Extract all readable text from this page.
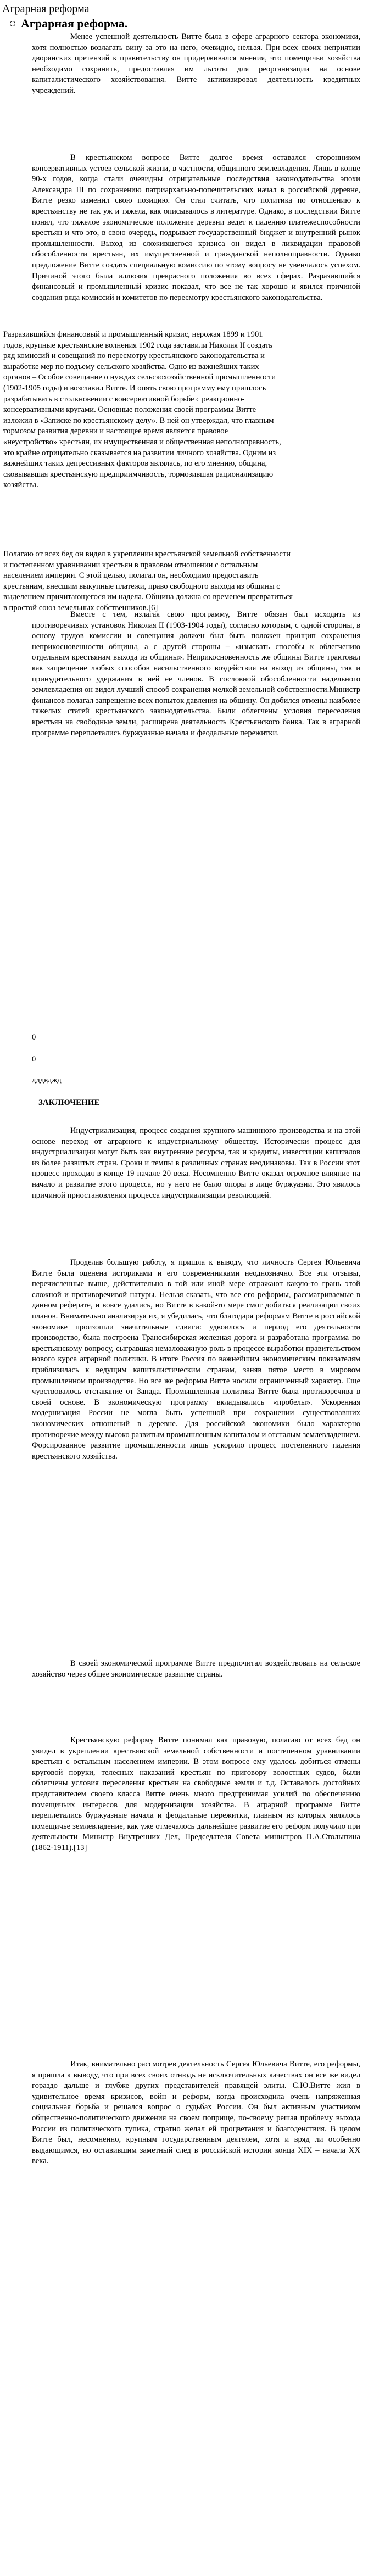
Аграрная реформа
Аграрная реформа.

Менее успешной деятельность Витте была в сфере аграрного сектора экономики, хотя полностью возлагать вину за это на него, очевидно, нельзя. При всех своих неприятии дворянских претензий к правительству он придерживался мнения, что помещичьи хозяйства необходимо сохранить, предоставляя им льготы для реорганизации на основе капиталистического хозяйствования. Витте активизировал деятельность кредитных учреждений.

В крестьянском вопросе Витте долгое время оставался сторонником консервативных устоев сельской жизни, в частности, общинного землевладения. Лишь в конце 90-х годов, когда стали очевидны отрицательные последствия законодательства эпохи Александра III по сохранению патриархально-попечительских начал в российской деревне, Витте резко изменил свою позицию. Он стал считать, что политика по отношению к крестьянству не так уж и тяжела, как описывалось в литературе. Однако, в последствии Витте понял, что тяжелое экономическое положение деревни ведет к падению платежеспособности крестьян и что это, в свою очередь, подрывает государственный бюджет и внутренний рынок промышленности. Выход из сложившегося кризиса он видел в ликвидации правовой обособленности крестьян, их имущественной и гражданской неполноправности. Однако предложение Витте создать специальную комиссию по этому вопросу не увенчалось успехом. Причиной этого была иллюзия прекрасного положения во всех сферах. Разразившийся финансовый и промышленный кризис показал, что все не так хорошо и явился причиной создания ряда комиссий и комитетов по пересмотру крестьянского законодательства.

Разразившийся финансовый и промышленный кризис, нерожая 1899 и 1901 годов, крупные крестьянские волнения 1902 года заставили Николая II создать ряд комиссий и совещаний по пересмотру крестьянского законодательства и выработке мер по подъему сельского хозяйства. Одно из важнейших таких органов – Особое совещание о нуждах сельскохозяйственной промышленности (1902-1905 годы) и возглавил Витте. И опять свою программу ему пришлось разрабатывать в столкновении с консервативной борьбе с реакционно-консервативными кругами. Основные положения своей программы Витте изложил в «Записке по крестьянскому делу». В ней он утверждал, что главным тормозом развития деревни и настоящее время является правовое «неустройство» крестьян, их имущественная и общественная неполноправность, это крайне отрицательно сказывается на развитии личного хозяйства. Одним из важнейших таких депрессивных факторов являлась, по его мнению, община, сковывавшая крестьянскую предприимчивость, тормозившая рационализацию хозяйства.

Полагаю от всех бед он видел в укреплении крестьянской земельной собственности и постепенном уравнивании крестьян в правовом отношении с остальным населением империи. С этой целью, полагал он, необходимо предоставить крестьянам, внесшим выкупные платежи, право свободного выхода из общины с выделением причитающегося им надела. Община должна со временем превратиться в простой союз земельных собственников.[6]

Вместе с тем, излагая свою программу, Витте обязан был исходить из противоречивых установок Николая II (1903-1904 годы), согласно которым, с одной стороны, в основу трудов комиссии и совещания должен был быть положен принцип сохранения неприкосновенности общины, а с другой стороны – «изыскать способы к облегчению отдельным крестьянам выхода из общины». Неприкосновенность же общины Витте трактовал как запрещение любых способов насильственного воздействия на выход из общины, так и принудительного удержания в ней ее членов. В сословной обособленности надельного землевладения он видел лучший способ сохранения мелкой земельной собственности.Министр финансов полагал запрещение всех попыток давления на общину. Он добился отмены наиболее тяжелых статей крестьянского законодательства. Были облегчены условия переселения крестьян на свободные земли, расширена деятельность Крестьянского банка. Так в аграрной программе переплетались буржуазные начала и феодальные пережитки.

0
0
дддвджд
ЗАКЛЮЧЕНИЕ

Индустриализация, процесс создания крупного машинного производства и на этой основе переход от аграрного к индустриальному обществу. Исторически процесс для индустриализации могут быть как внутренние ресурсы, так и кредиты, инвестиции капиталов из более развитых стран. Сроки и темпы в различных странах неодинаковы. Так в России этот процесс проходил в конце 19 начале 20 века. Несомненно Витте оказал огромное влияние на начало и развитие этого процесса, но у него не было опоры в лице буржуазии. Это явилось причиной приостановления процесса индустриализации революцией.

Проделав большую работу, я пришла к выводу, что личность Сергея Юльевича Витте была оценена историками и его современниками неоднозначно. Все эти отзывы, перечисленные выше, действительно в той или иной мере отражают какую-то грань этой сложной и противоречивой натуры. Нельзя сказать, что все его реформы, рассматриваемые в данном реферате, и вовсе удались, но Витте в какой-то мере смог добиться реализации своих планов. Внимательно анализируя их, я убедилась, что благодаря реформам Витте в российской экономике произошли значительные сдвиги: удвоилось и период его деятельности производство, была построена Транссибирская железная дорога и разработана программа по крестьянскому вопросу, сыгравшая немаловажную роль в процессе выработки правительством нового курса аграрной политики. В итоге Россия по важнейшим экономическим показателям приблизилась к ведущим капиталистическим странам, заняв пятое место в мировом промышленном производстве. Но все же реформы Витте носили ограниченный характер. Еще чувствовалось отставание от Запада. Промышленная политика Витте была противоречива в своей основе. В экономическую программу вкладывались «пробелы». Ускоренная модернизация России не могла быть успешной при сохранении существовавших экономических отношений в деревне. Для российской экономики было характерно противоречие между высоко развитым промышленным капиталом и отсталым землевладением. Форсированное развитие промышленности лишь ускорило процесс постепенного падения крестьянского хозяйства.

В своей экономической программе Витте предпочитал воздействовать на сельское хозяйство через общее экономическое развитие страны.

Крестьянскую реформу Витте понимал как правовую, полагаю от всех бед он увидел в укреплении крестьянской земельной собственности и постепенном уравнивании крестьян с остальным населением империи. В этом вопросе ему удалось добиться отмены круговой поруки, телесных наказаний крестьян по приговору волостных судов, были облегчены условия переселения крестьян на свободные земли и т.д. Оставалось достойных представителем своего класса Витте очень много предпринимая усилий по обеспечению помещичьих интересов для модернизации хозяйства. В аграрной программе Витте переплетались буржуазные начала и феодальные пережитки, главным из которых являлось помещичье землевладение, как уже отмечалось дальнейшее развитие его реформ получило при деятельности Министр Внутренних Дел, Председателя Совета министров П.А.Столыпина (1862-1911).[13]

Итак, внимательно рассмотрев деятельность Сергея Юльевича Витте, его реформы, я пришла к выводу, что при всех своих отнюдь не исключительных качествах он все же видел гораздо дальше и глубже других представителей правящей элиты. С.Ю.Витте жил в удивительное время кризисов, войн и реформ, когда происходила очень напряженная социальная борьба и решался вопрос о судьбах России. Он был активным участником общественно-политического движения на своем поприще, по-своему решая проблему выхода России из политического тупика, стратно желал ей процветания и благоденствия. В целом Витте был, несомненно, крупным государственным деятелем, хотя и вряд ли особенно выдающимся, но оставившим заметный след в российской истории конца XIX – начала XX века.
